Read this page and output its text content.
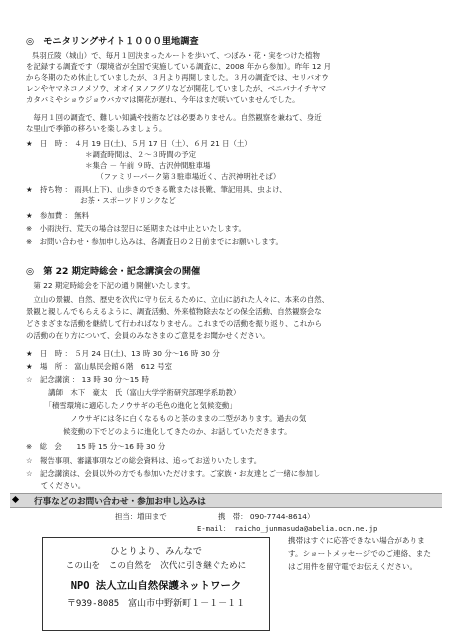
◎ モニタリングサイト１０００里地調査
呉羽丘陵（城山）で、毎月１回決まったルートを歩いて、つぼみ・花・実をつけた植物
を記録する調査です（環境省が全国で実施している調査に、2008 年から参加）。昨年 12 月
から冬期のため休止していましたが、３月より再開しました。３月の調査では、セリバオウ
レンやヤマネコノメソウ、オオイヌノフグリなどが開花していましたが、ベニバナイチヤマ
カタバミやショウジョウバカマは開花が遅れ、今年はまだ咲いていませんでした。
　毎月１回の調査で、難しい知識や技術などは必要ありません。自然観察を兼ねて、身近
な里山で季節の移ろいを楽しみましょう。
★　日　時 ： ４月 19 日(土)、５月 17 日（土）、６月 21 日（土）
　　　　　　　　＊調査時間は、２～３時間の予定
　　　　　　　　＊集合 － 午前 ９時、古沢仲間駐車場
　　　　　　　　　　（ファミリーパーク第３駐車場近く、古沢神明社そば）
★　持ち物 ： 雨具(上下)、山歩きのできる靴または長靴、筆記用具、虫よけ、
　　　　　　　 お茶・スポーツドリンクなど
★　参加費 ： 無料
※　小雨決行、荒天の場合は翌日に延期または中止といたします。
※　お問い合わせ・参加申し込みは、各調査日の２日前までにお願いします。
◎ 第 22 期定時総会・記念講演会の開催
　第 22 期定時総会を下記の通り開催いたします。
　立山の景観、自然、歴史を次代に守り伝えるために、立山に訪れた人々に、本来の自然、
景観と親しんでもらえるように、調査活動、外来植物除去などの保全活動、自然観察会な
どさまざまな活動を継続して行わればなりません。これまでの活動を振り返り、これから
の活動の在り方について、会員のみなさまのご意見をお聞かせください。
★　日　時 ： ５月 24 日(土)、13 時 30 分～16 時 30 分
★　場　所 ： 富山県民会館６階　612 号室
☆　記念講演 ： 13 時 30 分～15 時
　　　講師　木下　豪太　氏（富山大学学術研究部理学系助教）
　　　「積雪環境に適応したノウサギの毛色の進化と気候変動」
　　　　　　ノウサギには冬に白くなるものと茶のままの二型があります。過去の気
　　　　　候変動の下でどのように進化してきたのか、お話していただきます。
※　総　会　　15 時 15 分～16 時 30 分
☆　報告事項、審議事項などの総会資料は、追ってお送りいたします。
☆　記念講演は、会員以外の方でも参加いただけます。ご家族・お友達とご一緒に参加し
　　てください。
行事などのお問い合わせ・参加お申し込みは
担当：増田まで	携　帯： 090-7744-8614）
E-mail： raicho_junmasuda@abelia.ocn.ne.jp
ひとりより、みんなで
この山を　この自然を　次代に引き継ぐために
NPO 法人立山自然保護ネットワーク
〒939-8085　富山市中野新町１－１－１１
携帯はすぐに応答できない場合があります。ショートメッセージでのご連絡、またはご用件を留守電でお伝えください。
